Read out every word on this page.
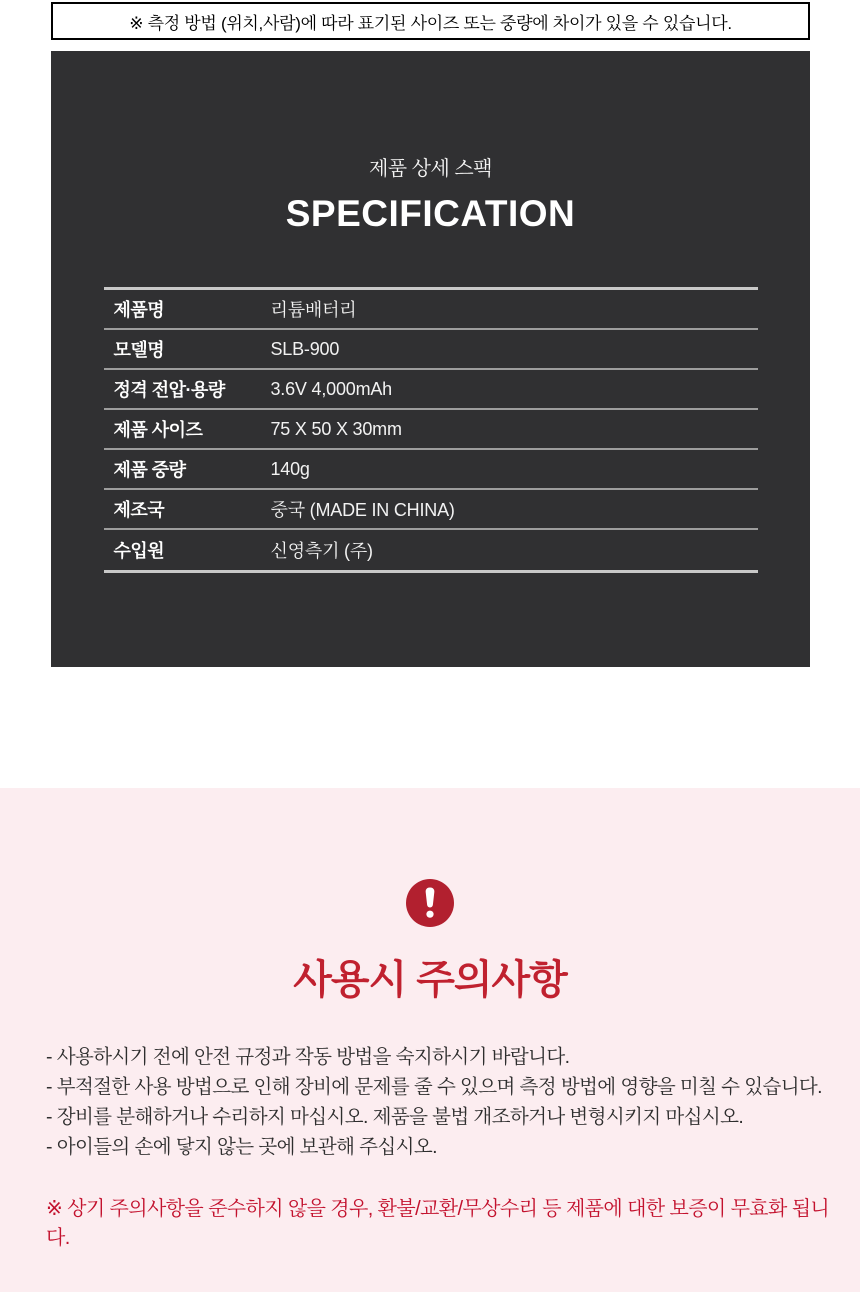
※ 측정 방법 (위치,사람)에 따라 표기된 사이즈 또는 중량에 차이가 있을 수 있습니다.
제품 상세 스팩
SPECIFICATION
제품명	리튬배터리
모델명	SLB-900
정격 전압·용량	3.6V 4,000mAh
제품 사이즈	75 X 50 X 30mm
제품 중량	140g
제조국	중국 (MADE IN CHINA)
수입원	신영측기 (주)
사용시 주의사항
- 사용하시기 전에 안전 규정과 작동 방법을 숙지하시기 바랍니다.
- 부적절한 사용 방법으로 인해 장비에 문제를 줄 수 있으며 측정 방법에 영향을 미칠 수 있습니다.
- 장비를 분해하거나 수리하지 마십시오. 제품을 불법 개조하거나 변형시키지 마십시오.
- 아이들의 손에 닿지 않는 곳에 보관해 주십시오.
※ 상기 주의사항을 준수하지 않을 경우, 환불/교환/무상수리 등 제품에 대한 보증이 무효화 됩니다.
